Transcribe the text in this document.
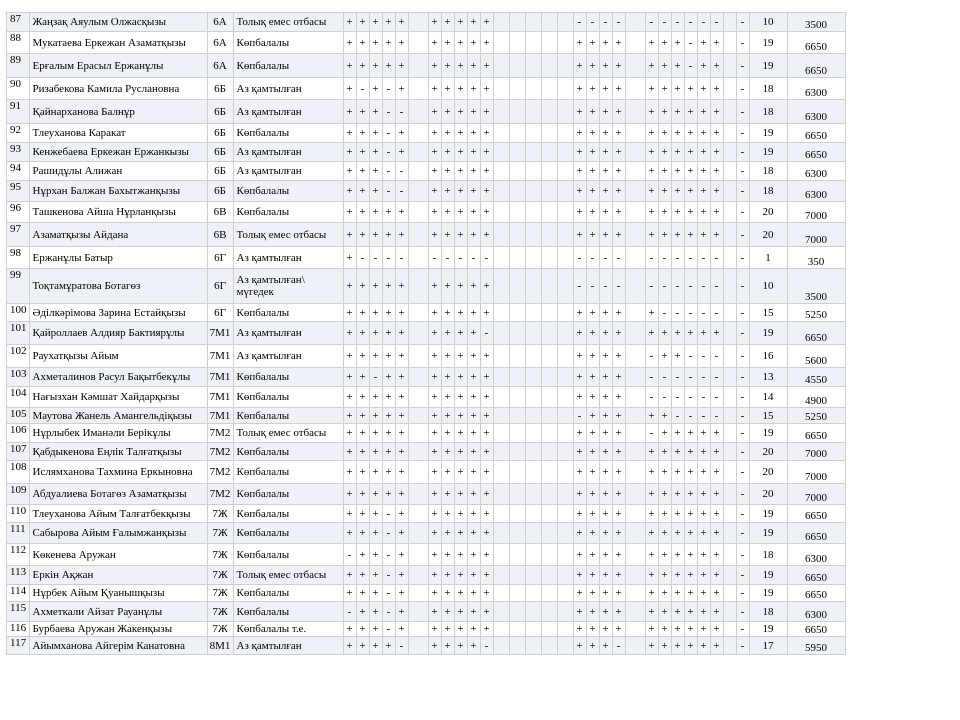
87	Жаңзақ Аяулым Олжасқызы	6А	Толық емес отбасы	+	+	+	+	+		+	+	+	+	+						-	-	-	-		-	-	-	-	-	-		-	10	3500
88	Мукатаева Еркежан Азаматқызы	6А	Көпбалалы	+	+	+	+	+		+	+	+	+	+						+	+	+	+		+	+	+	-	+	+		-	19	6650
89	Ерғалым Ерасыл Ержанұлы	6А	Көпбалалы	+	+	+	+	+		+	+	+	+	+						+	+	+	+		+	+	+	-	+	+		-	19	6650
90	Ризабекова Камила Руслановна	6Б	Аз қамтылған	+	-	+	-	+		+	+	+	+	+						+	+	+	+		+	+	+	+	+	+		-	18	6300
91	Қайнарханова Балнұр	6Б	Аз қамтылған	+	+	+	-	-		+	+	+	+	+						+	+	+	+		+	+	+	+	+	+		-	18	6300
92	Тлеуханова Каракат	6Б	Көпбалалы	+	+	+	-	+		+	+	+	+	+						+	+	+	+		+	+	+	+	+	+		-	19	6650
93	Кенжебаева Еркежан Ержанкызы	6Б	Аз қамтылған	+	+	+	-	+		+	+	+	+	+						+	+	+	+		+	+	+	+	+	+		-	19	6650
94	Рашидұлы Алижан	6Б	Аз қамтылған	+	+	+	-	-		+	+	+	+	+						+	+	+	+		+	+	+	+	+	+		-	18	6300
95	Нұрхан Балжан Бахытжанқызы	6Б	Көпбалалы	+	+	+	-	-		+	+	+	+	+						+	+	+	+		+	+	+	+	+	+		-	18	6300
96	Ташкенова Айша Нұрланқызы	6В	Көпбалалы	+	+	+	+	+		+	+	+	+	+						+	+	+	+		+	+	+	+	+	+		-	20	7000
97	Азаматқызы Айдана	6В	Толық емес отбасы	+	+	+	+	+		+	+	+	+	+						+	+	+	+		+	+	+	+	+	+		-	20	7000
98	Ержанұлы Батыр	6Г	Аз қамтылған	+	-	-	-	-		-	-	-	-	-						-	-	-	-		-	-	-	-	-	-		-	1	350
99	Тоқтамұратова Ботагөз	6Г	Аз қамтылған\ мүгедек	+	+	+	+	+		+	+	+	+	+						-	-	-	-		-	-	-	-	-	-		-	10	3500
100	Әділкәрімова Зарина Естайқызы	6Г	Көпбалалы	+	+	+	+	+		+	+	+	+	+						+	+	+	+		+	-	-	-	-	-		-	15	5250
101	Қайроллаев Алдияр Бактиярұлы	7М1	Аз қамтылған	+	+	+	+	+		+	+	+	+	-						+	+	+	+		+	+	+	+	+	+		-	19	6650
102	Раухатқызы Айым	7М1	Аз қамтылған	+	+	+	+	+		+	+	+	+	+						+	+	+	+		-	+	+	-	-	-		-	16	5600
103	Ахметалинов Расул Бақытбекұлы	7М1	Көпбалалы	+	+	-	+	+		+	+	+	+	+						+	+	+	+		-	-	-	-	-	-		-	13	4550
104	Нағызхан Кәмшат Хайдарқызы	7М1	Көпбалалы	+	+	+	+	+		+	+	+	+	+						+	+	+	+		-	-	-	-	-	-		-	14	4900
105	Маутова Жанель Амангельдіқызы	7М1	Көпбалалы	+	+	+	+	+		+	+	+	+	+						-	+	+	+		+	+	-	-	-	-		-	15	5250
106	Нұрлыбек Иманәли Берікұлы	7М2	Толық емес отбасы	+	+	+	+	+		+	+	+	+	+						+	+	+	+		-	+	+	+	+	+		-	19	6650
107	Қабдыкенова Еңлік Талғатқызы	7М2	Көпбалалы	+	+	+	+	+		+	+	+	+	+						+	+	+	+		+	+	+	+	+	+		-	20	7000
108	Ислямханова Тахмина Еркыновна	7М2	Көпбалалы	+	+	+	+	+		+	+	+	+	+						+	+	+	+		+	+	+	+	+	+		-	20	7000
109	Абдуалиева Ботагөз Азаматқызы	7М2	Көпбалалы	+	+	+	+	+		+	+	+	+	+						+	+	+	+		+	+	+	+	+	+		-	20	7000
110	Тлеуханова Айым Талғатбекқызы	7Ж	Көпбалалы	+	+	+	-	+		+	+	+	+	+						+	+	+	+		+	+	+	+	+	+		-	19	6650
111	Сабырова Айым Ғалымжанқызы	7Ж	Көпбалалы	+	+	+	-	+		+	+	+	+	+						+	+	+	+		+	+	+	+	+	+		-	19	6650
112	Көкенева Аружан	7Ж	Көпбалалы	-	+	+	-	+		+	+	+	+	+						+	+	+	+		+	+	+	+	+	+		-	18	6300
113	Еркін Ақжан	7Ж	Толық емес отбасы	+	+	+	-	+		+	+	+	+	+						+	+	+	+		+	+	+	+	+	+		-	19	6650
114	Нұрбек Айым Қуанышқызы	7Ж	Көпбалалы	+	+	+	-	+		+	+	+	+	+						+	+	+	+		+	+	+	+	+	+		-	19	6650
115	Ахметкали Айзат Рауанұлы	7Ж	Көпбалалы	-	+	+	-	+		+	+	+	+	+						+	+	+	+		+	+	+	+	+	+		-	18	6300
116	Бурбаева Аружан Жакенқызы	7Ж	Көпбалалы т.е.	+	+	+	-	+		+	+	+	+	+						+	+	+	+		+	+	+	+	+	+		-	19	6650
117	Айымханова Айгерім Канатовна	8М1	Аз қамтылған	+	+	+	+	-		+	+	+	+	-						+	+	+	-		+	+	+	+	+	+		-	17	5950
